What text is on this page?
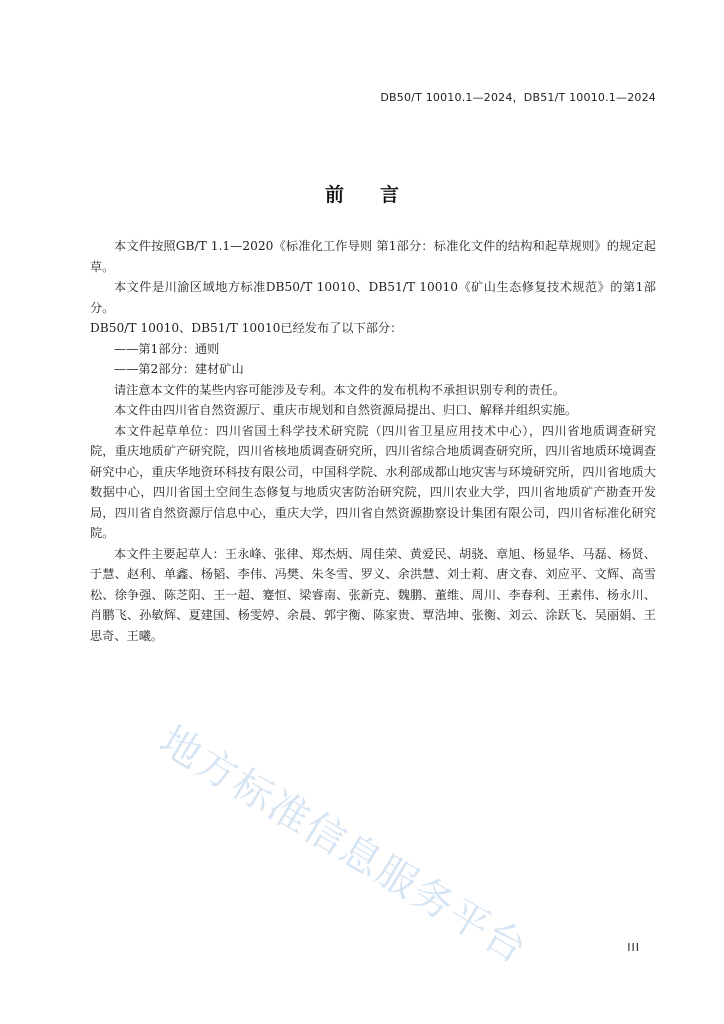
DB50/T 10010.1—2024，DB51/T 10010.1—2024
前 言

本文件按照GB/T 1.1—2020《标准化工作导则 第1部分：标准化文件的结构和起草规则》的规定起草。

本文件是川渝区域地方标准DB50/T 10010、DB51/T 10010《矿山生态修复技术规范》的第1部分。

DB50/T 10010、DB51/T 10010已经发布了以下部分：

——第1部分：通则

——第2部分：建材矿山

请注意本文件的某些内容可能涉及专利。本文件的发布机构不承担识别专利的责任。

本文件由四川省自然资源厅、重庆市规划和自然资源局提出、归口、解释并组织实施。

本文件起草单位：四川省国土科学技术研究院（四川省卫星应用技术中心），四川省地质调查研究院，重庆地质矿产研究院，四川省核地质调查研究所，四川省综合地质调查研究所，四川省地质环境调查研究中心，重庆华地资环科技有限公司，中国科学院、水利部成都山地灾害与环境研究所，四川省地质大数据中心，四川省国土空间生态修复与地质灾害防治研究院，四川农业大学，四川省地质矿产勘查开发局，四川省自然资源厅信息中心，重庆大学，四川省自然资源勘察设计集团有限公司，四川省标准化研究院。

本文件主要起草人：王永峰、张律、郑杰炳、周佳荣、黄爱民、胡骁、章旭、杨显华、马磊、杨贤、于慧、赵利、单鑫、杨韬、李伟、冯樊、朱冬雪、罗义、余洪慧、刘士莉、唐文春、刘应平、文辉、高雪松、徐争强、陈芝阳、王一超、蹇恒、梁睿南、张新克、魏鹏、董维、周川、李春利、王素伟、杨永川、肖鹏飞、孙敏辉、夏建国、杨雯婷、余晨、郭宇衡、陈家贵、覃浩坤、张衡、刘云、涂跃飞、吴丽娟、王思奇、王曦。

地方标准信息服务平台	III
